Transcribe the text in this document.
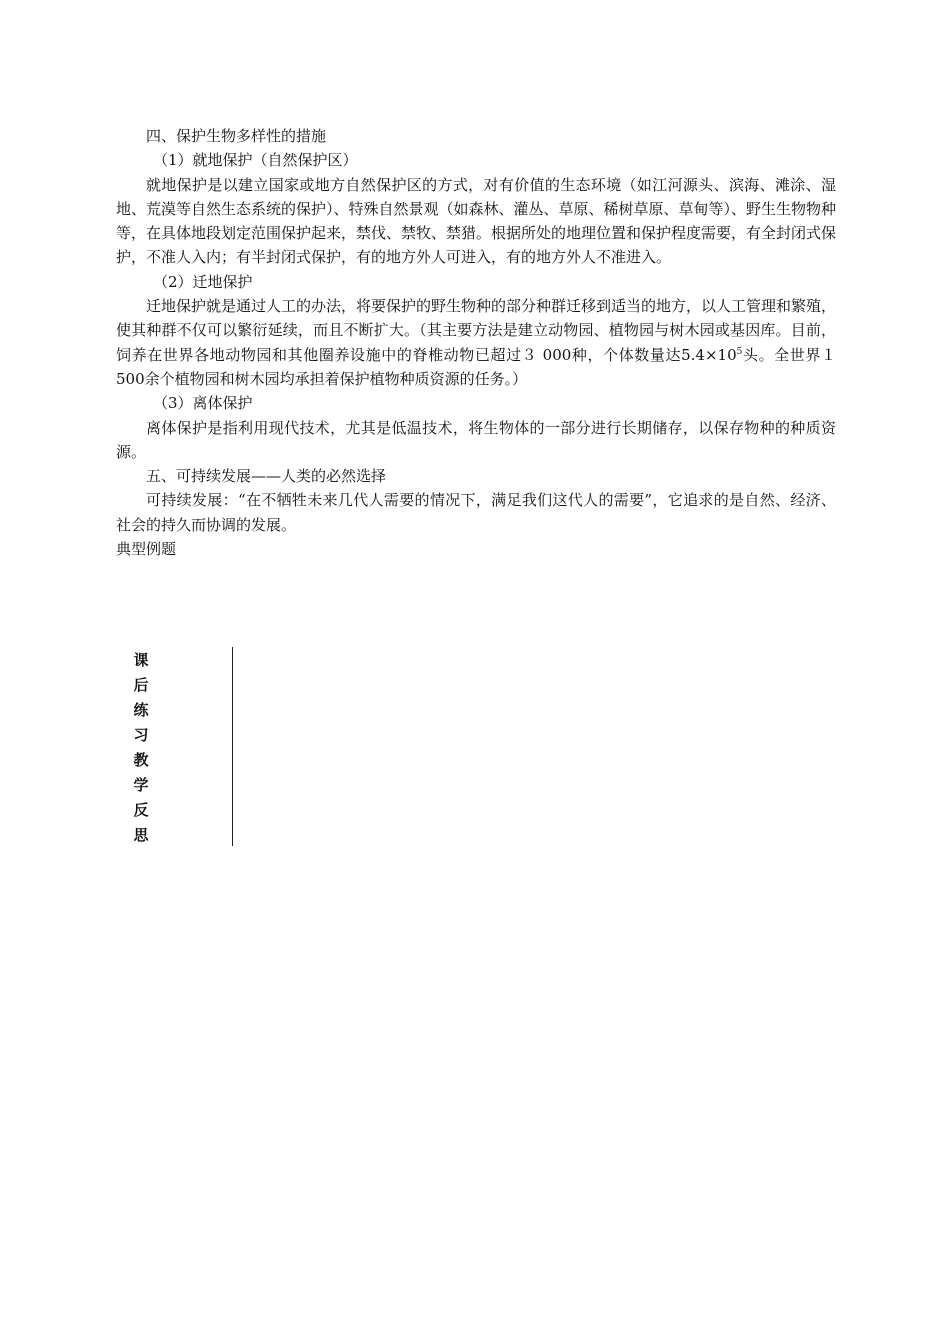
四、保护生物多样性的措施

（1）就地保护（自然保护区）

就地保护是以建立国家或地方自然保护区的方式，对有价值的生态环境（如江河源头、滨海、滩涂、湿地、荒漠等自然生态系统的保护）、特殊自然景观（如森林、灌丛、草原、稀树草原、草甸等）、野生生物物种等，在具体地段划定范围保护起来，禁伐、禁牧、禁猎。根据所处的地理位置和保护程度需要，有全封闭式保护，不准人入内；有半封闭式保护，有的地方外人可进入，有的地方外人不准进入。

（2）迁地保护

迁地保护就是通过人工的办法，将要保护的野生物种的部分种群迁移到适当的地方，以人工管理和繁殖，使其种群不仅可以繁衍延续，而且不断扩大。（其主要方法是建立动物园、植物园与树木园或基因库。目前，饲养在世界各地动物园和其他圈养设施中的脊椎动物已超过３ 000种，个体数量达$5.4\times 10^5$头。全世界１ 500余个植物园和树木园均承担着保护植物种质资源的任务。）

（3）离体保护

离体保护是指利用现代技术，尤其是低温技术，将生物体的一部分进行长期储存，以保存物种的种质资源。

五、可持续发展——人类的必然选择

可持续发展：“在不牺牲未来几代人需要的情况下，满足我们这代人的需要”，它追求的是自然、经济、社会的持久而协调的发展。

典型例题

课
后
练
习
教
学
反
思
